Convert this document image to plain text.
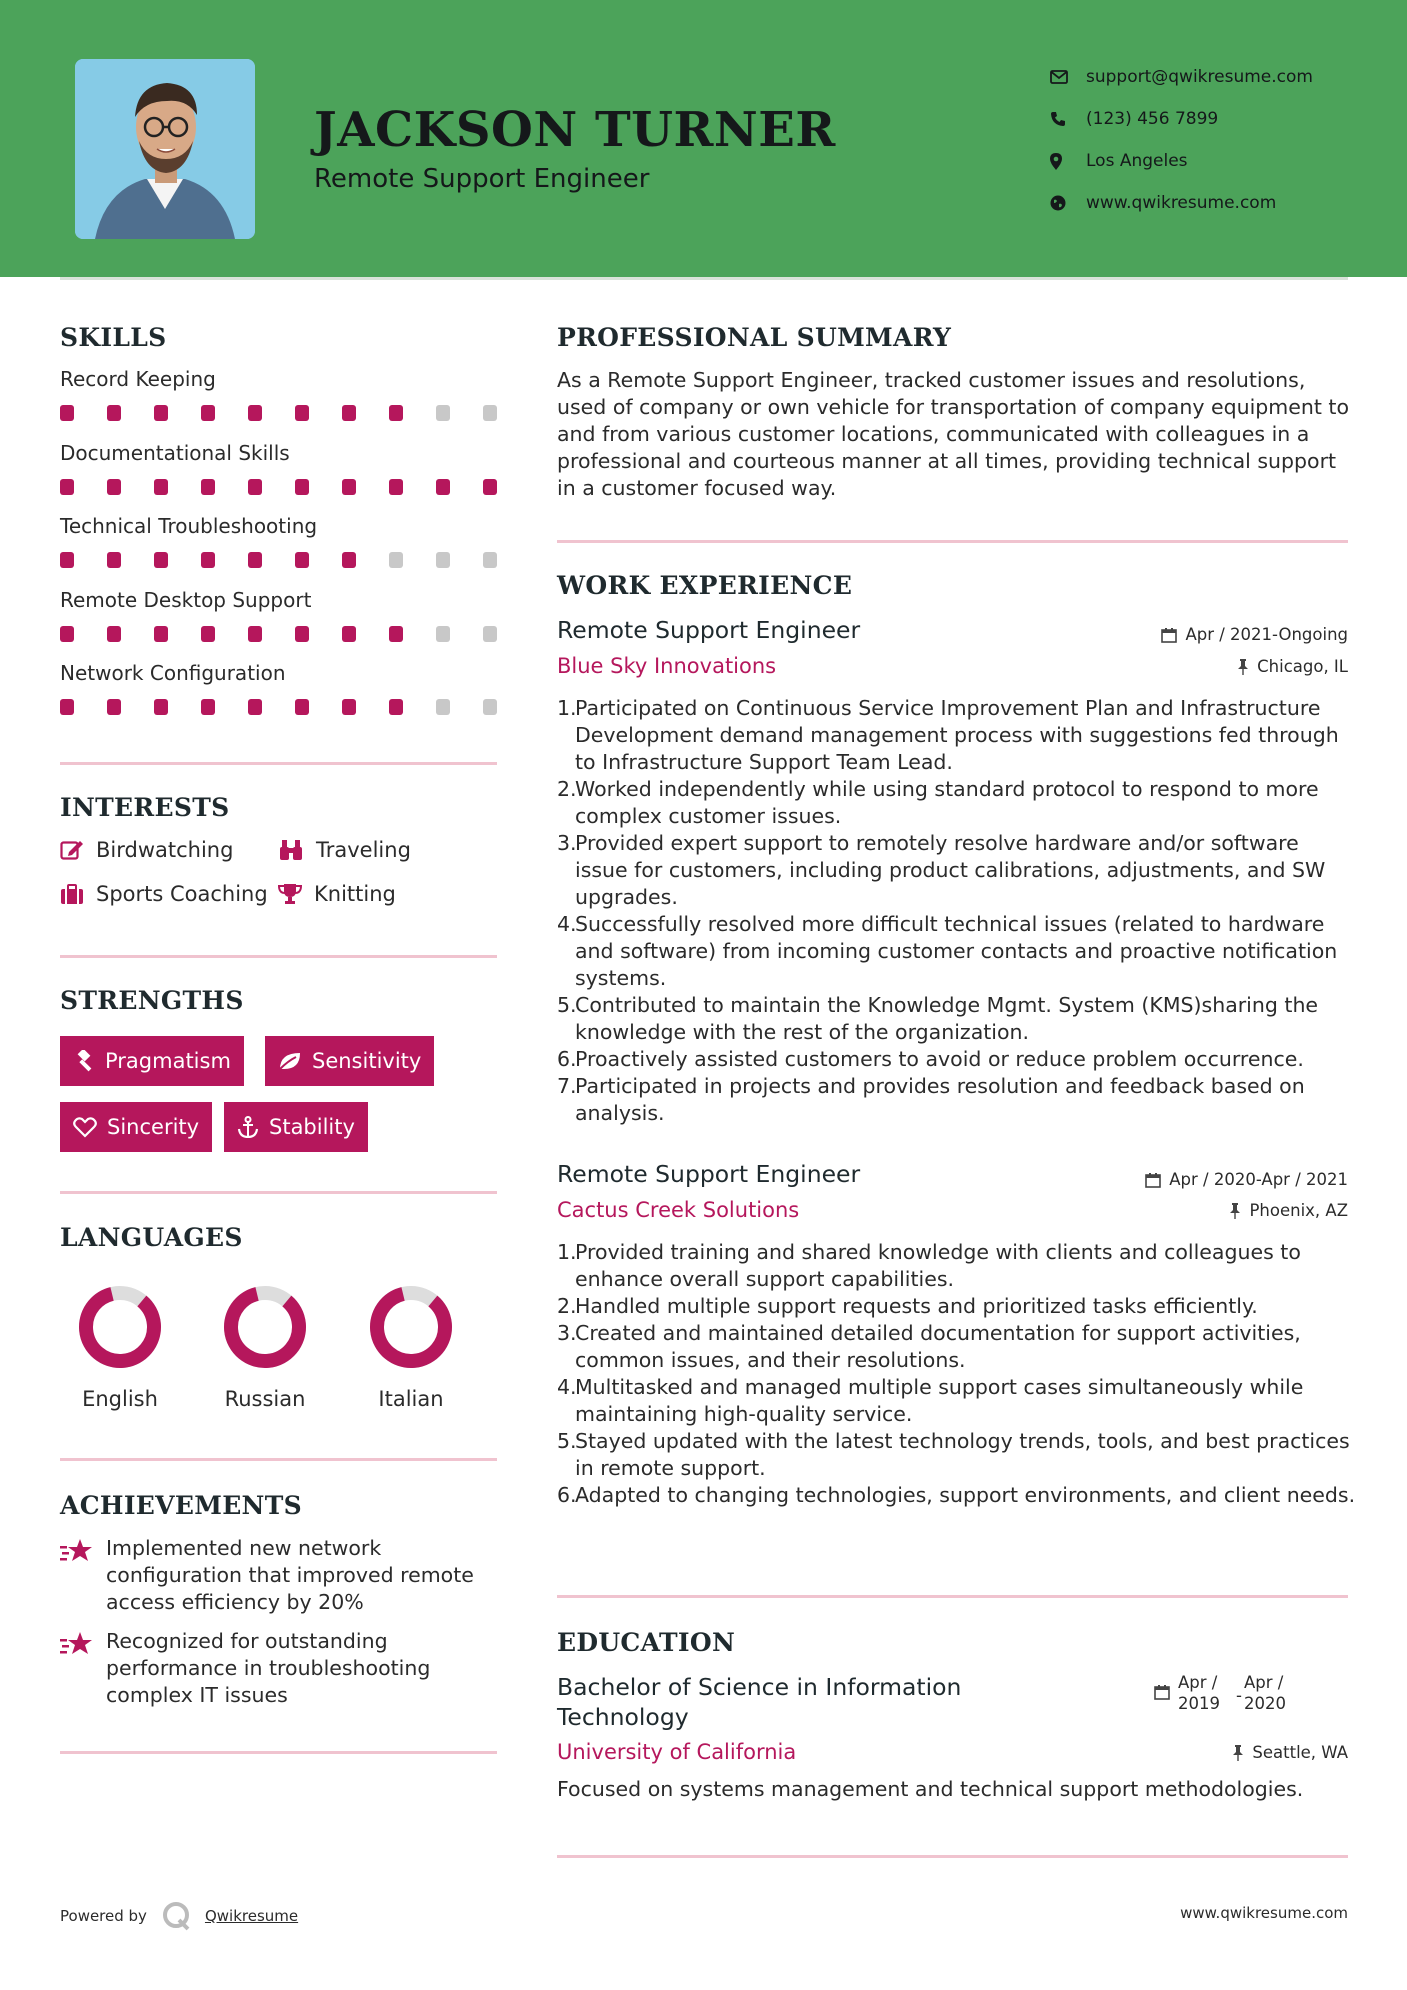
JACKSON TURNER
Remote Support Engineer
support@qwikresume.com
(123) 456 7899
Los Angeles
www.qwikresume.com
SKILLS
Record Keeping
Documentational Skills
Technical Troubleshooting
Remote Desktop Support
Network Configuration
INTERESTS
Birdwatching	Traveling
Sports Coaching Knitting
STRENGTHS
Pragmatism	Sensitivity
Sincerity	Stability
LANGUAGES
English	Russian	Italian
ACHIEVEMENTS
Implemented new network configuration that improved remote access efficiency by 20%
Recognized for outstanding performance in troubleshooting complex IT issues
PROFESSIONAL SUMMARY
As a Remote Support Engineer, tracked customer issues and resolutions, used of company or own vehicle for transportation of company equipment to and from various customer locations, communicated with colleagues in a professional and courteous manner at all times, providing technical support in a customer focused way.
WORK EXPERIENCE
Remote Support Engineer	Apr / 2021-Ongoing
Blue Sky Innovations	Chicago, IL
1.
Participated on Continuous Service Improvement Plan and Infrastructure Development demand management process with suggestions fed through to Infrastructure Support Team Lead.
2.
Worked independently while using standard protocol to respond to more complex customer issues.
3.
Provided expert support to remotely resolve hardware and/or software issue for customers, including product calibrations, adjustments, and SW upgrades.
4.
Successfully resolved more difficult technical issues (related to hardware and software) from incoming customer contacts and proactive notification systems.
5.
Contributed to maintain the Knowledge Mgmt. System (KMS)sharing the knowledge with the rest of the organization.
6.
Proactively assisted customers to avoid or reduce problem occurrence.
7.
Participated in projects and provides resolution and feedback based on analysis.
Remote Support Engineer	Apr / 2020-Apr / 2021
Cactus Creek Solutions	Phoenix, AZ
1.
Provided training and shared knowledge with clients and colleagues to enhance overall support capabilities.
2.
Handled multiple support requests and prioritized tasks efficiently.
3.
Created and maintained detailed documentation for support activities, common issues, and their resolutions.
4.
Multitasked and managed multiple support cases simultaneously while maintaining high-quality service.
5.
Stayed updated with the latest technology trends, tools, and best practices in remote support.
6.
Adapted to changing technologies, support environments, and client needs.
EDUCATION
Bachelor of Science in Information Technology
Apr / 2019 -
Apr / 2020
University of California	Seattle, WA
Focused on systems management and technical support methodologies.
Powered by	Qwikresume	www.qwikresume.com
